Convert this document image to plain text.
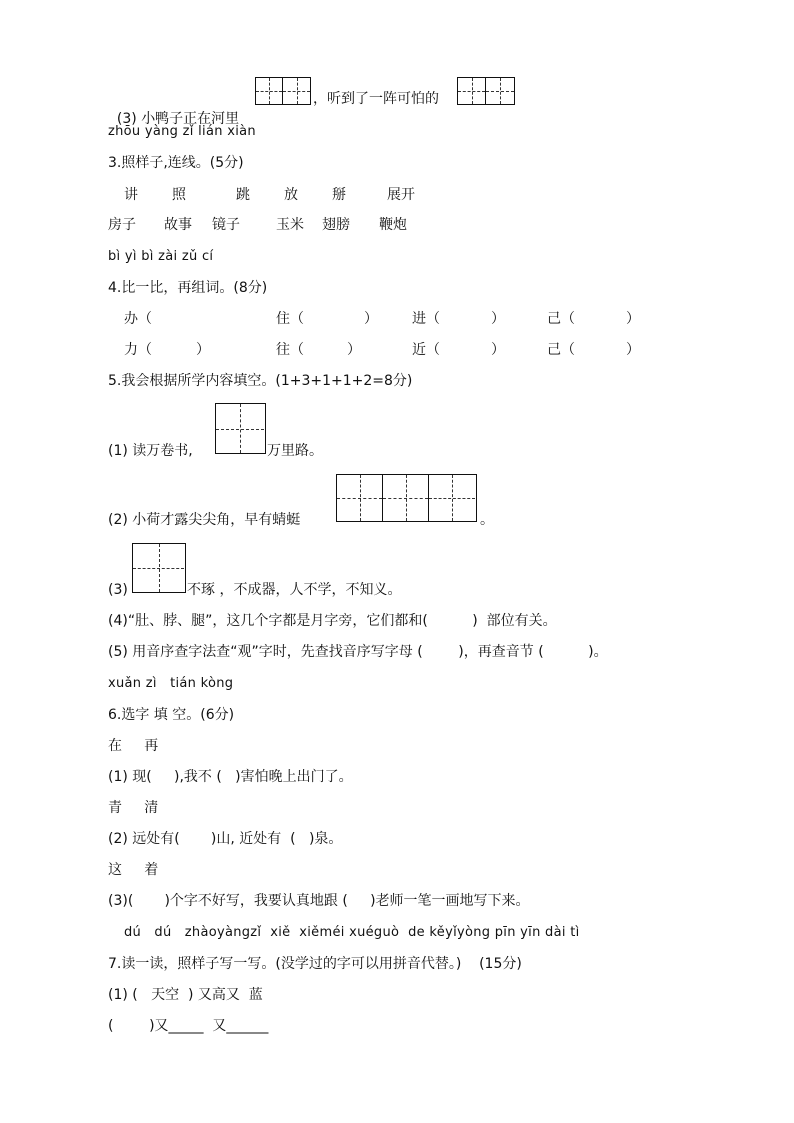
(3) 小鸭子正在河里

，听到了一阵可怕的
zhōu yàng zǐ lián xiàn
3.照样子,连线。(5分)
讲 照	跳 放 掰	展开
房子 故事 镜子	玉米 翅膀 鞭炮
bì yì bì zài zǔ cí
4.比一比，再组词。(8分)
办（	住（	） 进（	）	己（	）
力（	）	往（	）	近（	）	己（	）
5.我会根据所学内容填空。(1+3+1+1+2=8分)
(1) 读万卷书,	万里路。
(2) 小荷才露尖尖角，早有蜻蜓	。
(3)	不琢 ，不成器，人不学，不知义。
(4)“肚、脖、腿”，这几个字都是月字旁，它们都和(          )  部位有关。
(5) 用音序查字法查“观”字时，先查找音序写字母 (        )，再查音节 (          )。
xuǎn zì   tián kòng
6.选字 填 空。(6分)
在     再
(1) 现(     ),我不 (   )害怕晚上出门了。
青     清
(2) 远处有(       )山, 近处有  (   )泉。
这     着
(3)(       )个字不好写，我要认真地跟 (     )老师一笔一画地写下来。
dú   dú   zhàoyàngzǐ  xiě  xiěméi xuéguò  de kěyǐyòng pīn yīn dài tì
7.读一读，照样子写一写。(没学过的字可以用拼音代替。)    (15分)
(1) (   天空  ) 又高又  蓝
(        )又_____  又______
